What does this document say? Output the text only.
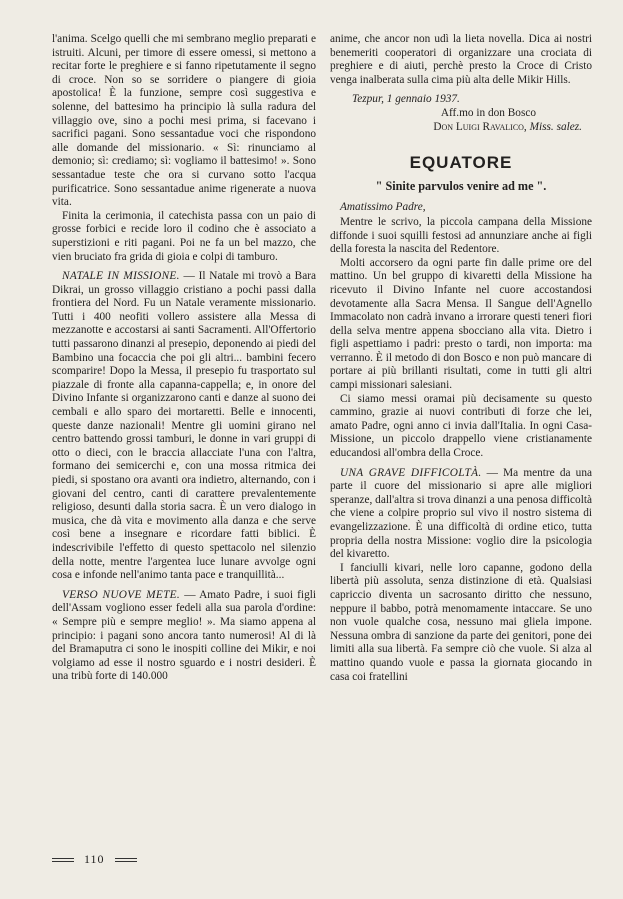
l'anima. Scelgo quelli che mi sembrano meglio preparati e istruiti. Alcuni, per timore di essere omessi, si mettono a recitar forte le preghiere e si fanno ripetutamente il segno di croce. Non so se sorridere o piangere di gioia apostolica! È la funzione, sempre così suggestiva e solenne, del battesimo ha principio là sulla radura del villaggio ove, sino a pochi mesi prima, si facevano i sacrifici pagani. Sono sessantadue voci che rispondono alle domande del missionario. « Sì: rinunciamo al demonio; sì: crediamo; sì: vogliamo il battesimo! ». Sono sessantadue teste che ora si curvano sotto l'acqua purificatrice. Sono sessantadue anime rigenerate a nuova vita.

Finita la cerimonia, il catechista passa con un paio di grosse forbici e recide loro il codino che è associato a superstizioni e riti pagani. Poi ne fa un bel mazzo, che vien bruciato fra grida di gioia e colpi di tamburo.

NATALE IN MISSIONE. — Il Natale mi trovò a Bara Dikrai, un grosso villaggio cristiano a pochi passi dalla frontiera del Nord. Fu un Natale veramente missionario. Tutti i 400 neofiti vollero assistere alla Messa di mezzanotte e accostarsi ai santi Sacramenti. All'Offertorio tutti passarono dinanzi al presepio, deponendo ai piedi del Bambino una focaccia che poi gli altri... bambini fecero scomparire! Dopo la Messa, il presepio fu trasportato sul piazzale di fronte alla capanna-cappella; e, in onore del Divino Infante si organizzarono canti e danze al suono dei cembali e allo sparo dei mortaretti. Belle e innocenti, queste danze nazionali! Mentre gli uomini girano nel centro battendo grossi tamburi, le donne in vari gruppi di otto o dieci, con le braccia allacciate l'una con l'altra, formano dei semicerchi e, con una mossa ritmica dei piedi, si spostano ora avanti ora indietro, alternando, con i giovani del centro, canti di carattere prevalentemente religioso, desunti dalla storia sacra. È un vero dialogo in musica, che dà vita e movimento alla danza e che serve così bene a insegnare e ricordare fatti biblici. È indescrivibile l'effetto di questo spettacolo nel silenzio della notte, mentre l'argentea luce lunare avvolge ogni cosa e infonde nell'animo tanta pace e tranquillità...

VERSO NUOVE METE. — Amato Padre, i suoi figli dell'Assam vogliono esser fedeli alla sua parola d'ordine: « Sempre più e sempre meglio! ». Ma siamo appena al principio: i pagani sono ancora tanto numerosi! Al di là del Bramaputra ci sono le inospiti colline dei Mikir, e noi volgiamo ad esse il nostro sguardo e i nostri desideri. È una tribù forte di 140.000

anime, che ancor non udì la lieta novella. Dica ai nostri benemeriti cooperatori di organizzare una crociata di preghiere e di aiuti, perchè presto la Croce di Cristo venga inalberata sulla cima più alta delle Mikir Hills.

Tezpur, 1 gennaio 1937.

Aff.mo in don Bosco

Don Luigi Ravalico, Miss. salez.

EQUATORE

" Sinite parvulos venire ad me ".

Amatissimo Padre,

Mentre le scrivo, la piccola campana della Missione diffonde i suoi squilli festosi ad annunziare anche ai figli della foresta la nascita del Redentore.

Molti accorsero da ogni parte fin dalle prime ore del mattino. Un bel gruppo di kivaretti della Missione ha ricevuto il Divino Infante nel cuore accostandosi devotamente alla Sacra Mensa. Il Sangue dell'Agnello Immacolato non cadrà invano a irrorare questi teneri fiori della selva mentre appena sbocciano alla vita. Dietro i figli aspettiamo i padri: presto o tardi, non importa: ma verranno. È il metodo di don Bosco e non può mancare di portare ai più brillanti risultati, come in tutti gli altri campi missionari salesiani.

Ci siamo messi oramai più decisamente su questo cammino, grazie ai nuovi contributi di forze che lei, amato Padre, ogni anno ci invia dall'Italia. In ogni Casa-Missione, un piccolo drappello viene cristianamente educandosi all'ombra della Croce.

UNA GRAVE DIFFICOLTÀ. — Ma mentre da una parte il cuore del missionario si apre alle migliori speranze, dall'altra si trova dinanzi a una penosa difficoltà che viene a colpire proprio sul vivo il nostro sistema di evangelizzazione. È una difficoltà di ordine etico, tutta propria della nostra Missione: voglio dire la psicologia del kivaretto.

I fanciulli kivari, nelle loro capanne, godono della libertà più assoluta, senza distinzione di età. Qualsiasi capriccio diventa un sacrosanto diritto che nessuno, neppure il babbo, potrà menomamente intaccare. Se uno non vuole qualche cosa, nessuno mai gliela impone. Nessuna ombra di sanzione da parte dei genitori, pone dei limiti alla sua libertà. Fa sempre ciò che vuole. Si alza al mattino quando vuole e passa la giornata giocando in casa coi fratellini

110
